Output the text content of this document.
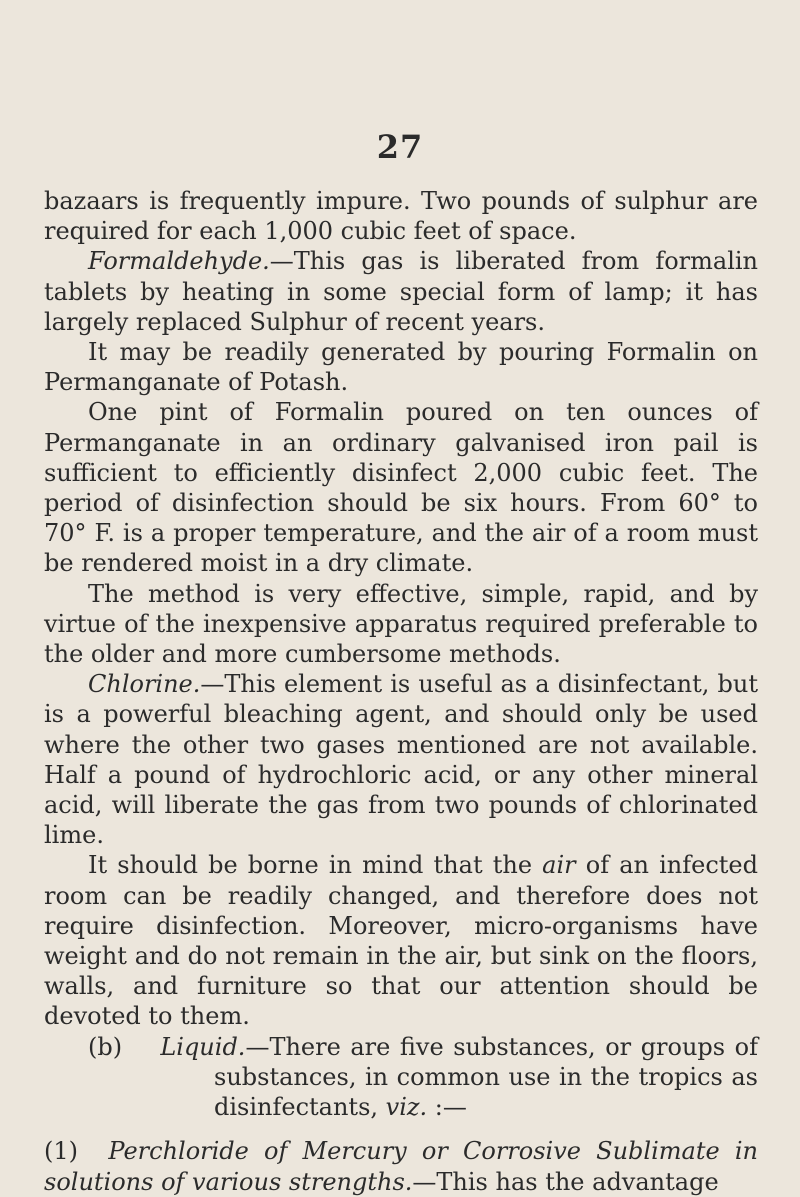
27

bazaars is frequently impure. Two pounds of sulphur are required for each 1,000 cubic feet of space.

Formaldehyde.—This gas is liberated from formalin tablets by heating in some special form of lamp; it has largely replaced Sulphur of recent years.

It may be readily generated by pouring Formalin on Permanganate of Potash.

One pint of Formalin poured on ten ounces of Permanganate in an ordinary galvanised iron pail is sufficient to efficiently disinfect 2,000 cubic feet. The period of disinfection should be six hours. From 60° to 70° F. is a proper temperature, and the air of a room must be rendered moist in a dry climate.

The method is very effective, simple, rapid, and by virtue of the inexpensive apparatus required preferable to the older and more cumbersome methods.

Chlorine.—This element is useful as a disinfectant, but is a powerful bleaching agent, and should only be used where the other two gases mentioned are not available. Half a pound of hydrochloric acid, or any other mineral acid, will liberate the gas from two pounds of chlorinated lime.

It should be borne in mind that the air of an infected room can be readily changed, and therefore does not require disinfection. Moreover, micro-organisms have weight and do not remain in the air, but sink on the floors, walls, and furniture so that our attention should be devoted to them.

(b) Liquid.—There are five substances, or groups of substances, in common use in the tropics as disinfectants, viz. :—

(1) Perchloride of Mercury or Corrosive Sublimate in solutions of various strengths.—This has the advantage
